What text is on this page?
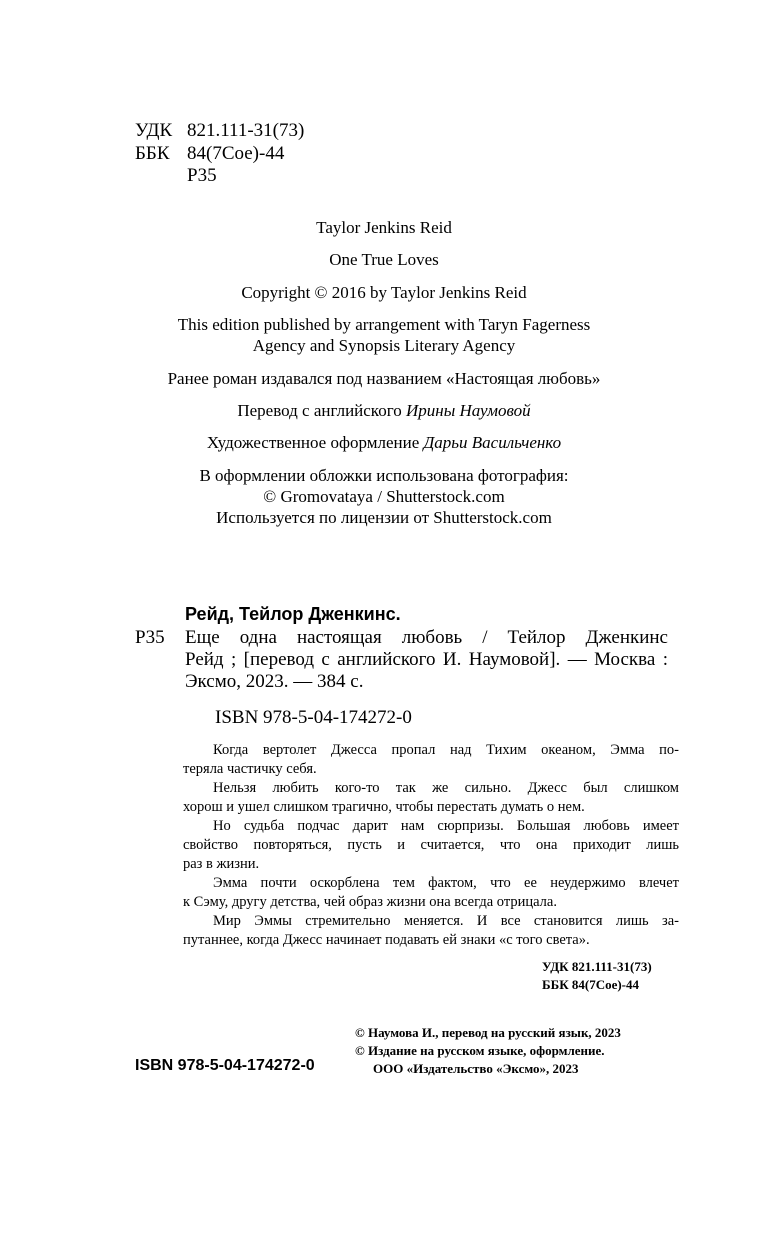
УДК 821.111-31(73)
ББК 84(7Сое)-44
Р35
Taylor Jenkins Reid
One True Loves
Copyright © 2016 by Taylor Jenkins Reid
This edition published by arrangement with Taryn Fagerness
Agency and Synopsis Literary Agency
Ранее роман издавался под названием «Настоящая любовь»
Перевод с английского Ирины Наумовой
Художественное оформление Дарьи Васильченко
В оформлении обложки использована фотография:
© Gromovataya / Shutterstock.com
Используется по лицензии от Shutterstock.com
Рейд, Тейлор Дженкинс.
Р35 Еще одна настоящая любовь / Тейлор Дженкинс
Рейд ; [перевод с английского И. Наумовой]. — Москва :
Эксмо, 2023. — 384 с.
ISBN 978-5-04-174272-0
Когда вертолет Джесса пропал над Тихим океаном, Эмма по-
теряла частичку себя.
Нельзя любить кого-то так же сильно. Джесс был слишком
хорош и ушел слишком трагично, чтобы перестать думать о нем.
Но судьба подчас дарит нам сюрпризы. Большая любовь имеет
свойство повторяться, пусть и считается, что она приходит лишь
раз в жизни.
Эмма почти оскорблена тем фактом, что ее неудержимо влечет
к Сэму, другу детства, чей образ жизни она всегда отрицала.
Мир Эммы стремительно меняется. И все становится лишь за-
путаннее, когда Джесс начинает подавать ей знаки «с того света».
УДК 821.111-31(73)
ББК 84(7Сое)-44
ISBN 978-5-04-174272-0
© Наумова И., перевод на русский язык, 2023
© Издание на русском языке, оформление.
ООО «Издательство «Эксмо», 2023
